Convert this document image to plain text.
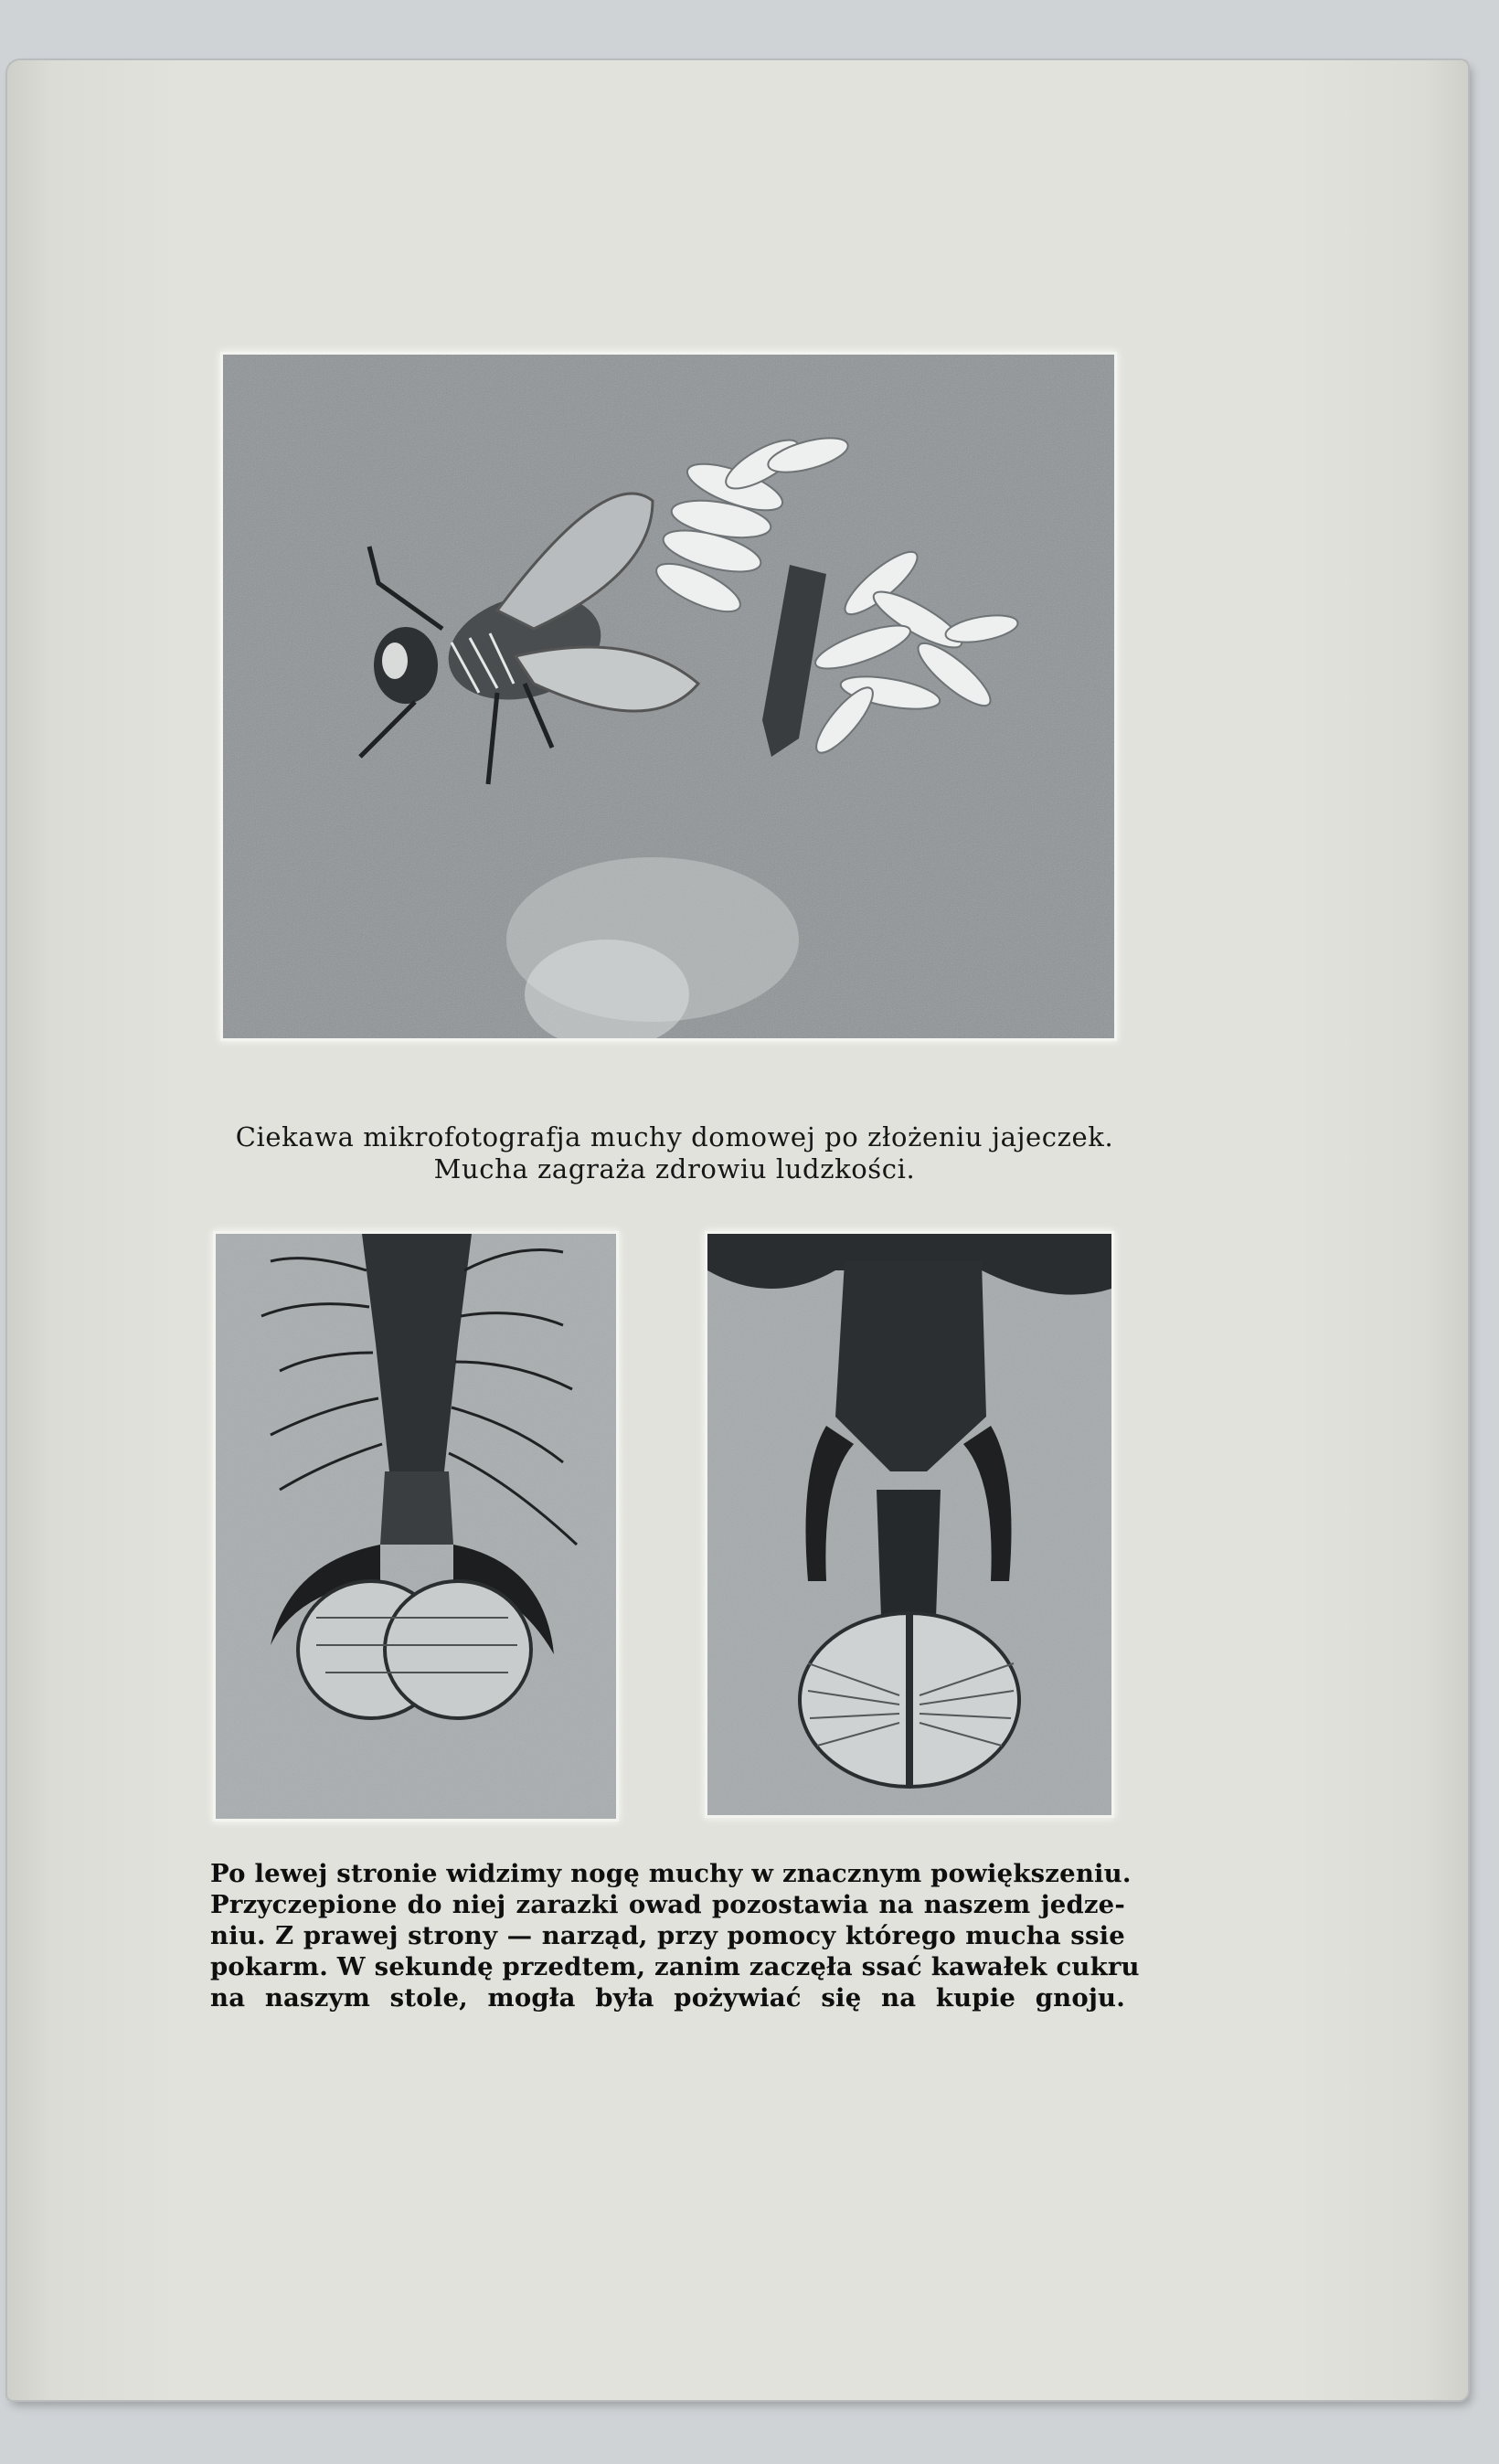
Ciekawa mikrofotografja muchy domowej po złożeniu jajeczek.
Mucha zagraża zdrowiu ludzkości.
Po lewej stronie widzimy nogę muchy w znacznym powiększeniu.
Przyczepione do niej zarazki owad pozostawia na naszem jedze-
niu. Z prawej strony — narząd, przy pomocy którego mucha ssie
pokarm. W sekundę przedtem, zanim zaczęła ssać kawałek cukru
na naszym stole, mogła była pożywiać się na kupie gnoju.
